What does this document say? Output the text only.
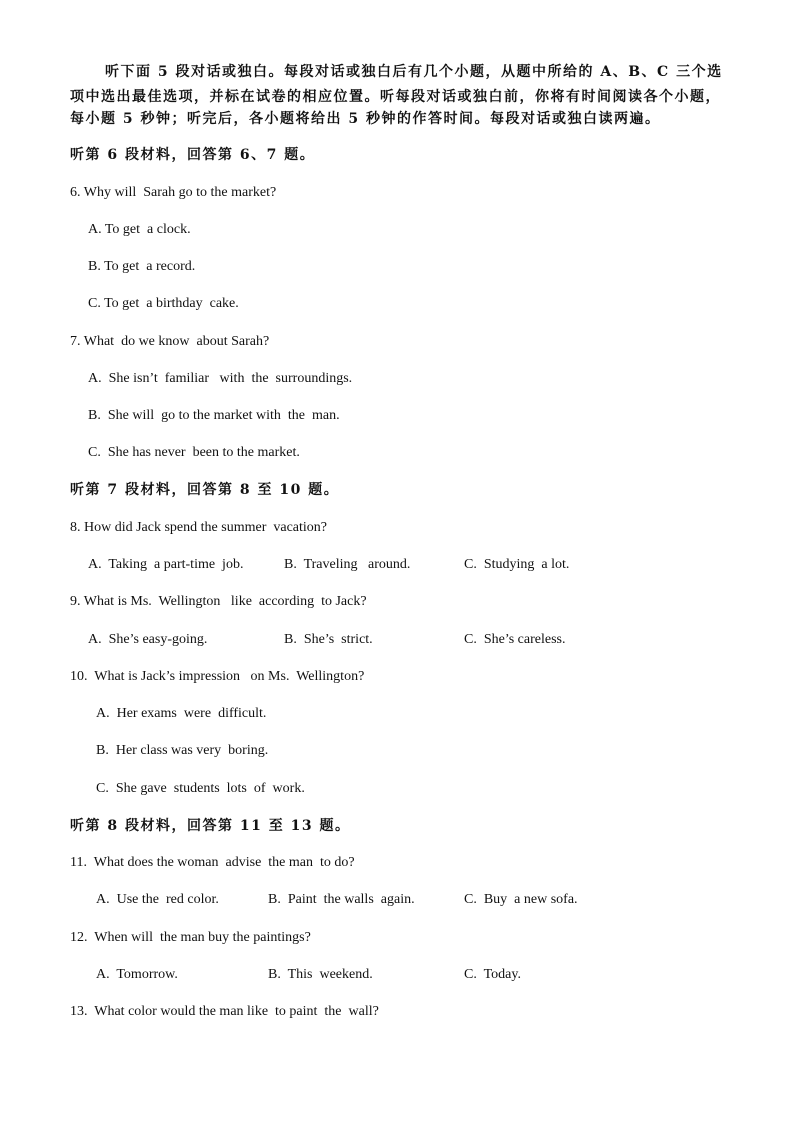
听下面 5 段对话或独白。每段对话或独白后有几个小题，从题中所给的 A、B、C 三个选
项中选出最佳选项，并标在试卷的相应位置。听每段对话或独白前，你将有时间阅读各个小题，
每小题 5 秒钟；听完后，各小题将给出 5 秒钟的作答时间。每段对话或独白读两遍。
听第 6 段材料，回答第 6、7 题。
6. Why will  Sarah go to the market?
A. To get  a clock.
B. To get  a record.
C. To get  a birthday  cake.
7. What  do we know  about Sarah?
A.  She isn’t  familiar   with  the  surroundings.
B.  She will  go to the market with  the  man.
C.  She has never  been to the market.
听第 7 段材料，回答第 8 至 10 题。
8. How did Jack spend the summer  vacation?
A.  Taking  a part-time  job.	B.  Traveling   around.	C.  Studying  a lot.
9. What is Ms.  Wellington   like  according  to Jack?
A.  She’s easy-going.	B.  She’s  strict.	C.  She’s careless.
10.  What is Jack’s impression   on Ms.  Wellington?
A.  Her exams  were  difficult.
B.  Her class was very  boring.
C.  She gave  students  lots  of  work.
听第 8 段材料，回答第 11 至 13 题。
11.  What does the woman  advise  the man  to do?
A.  Use the  red color.	B.  Paint  the walls  again.	C.  Buy  a new sofa.
12.  When will  the man buy the paintings?
A.  Tomorrow.	B.  This  weekend.	C.  Today.
13.  What color would the man like  to paint  the  wall?
